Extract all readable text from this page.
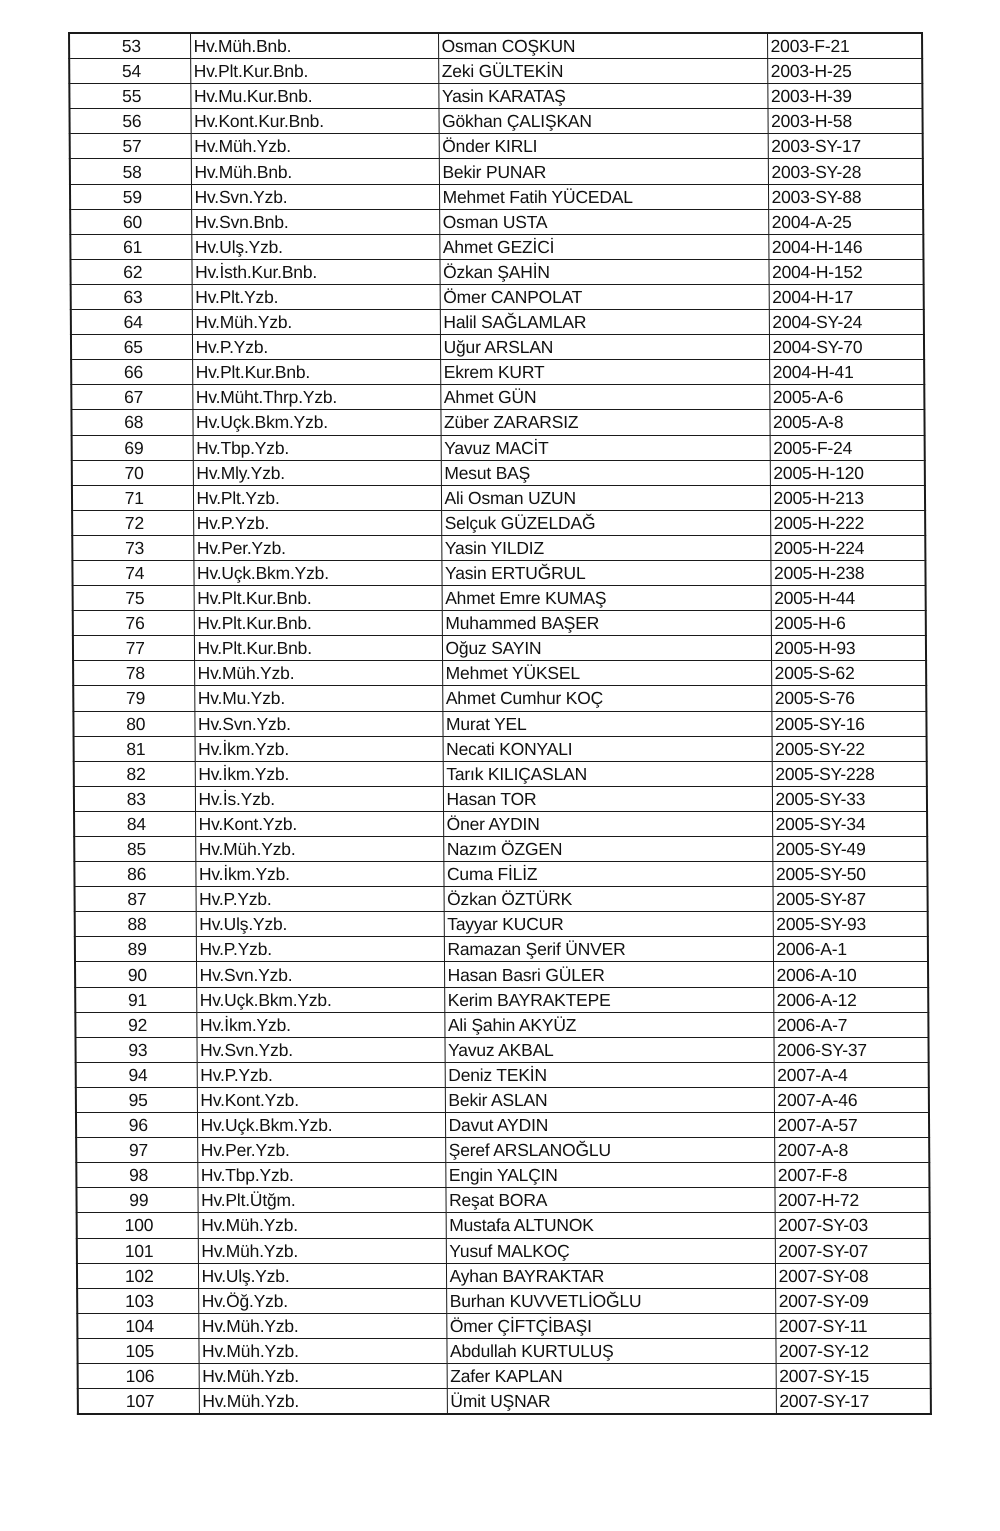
53	Hv.Müh.Bnb.	Osman COŞKUN	2003-F-21
54	Hv.Plt.Kur.Bnb.	Zeki GÜLTEKİN	2003-H-25
55	Hv.Mu.Kur.Bnb.	Yasin KARATAŞ	2003-H-39
56	Hv.Kont.Kur.Bnb.	Gökhan ÇALIŞKAN	2003-H-58
57	Hv.Müh.Yzb.	Önder KIRLI	2003-SY-17
58	Hv.Müh.Bnb.	Bekir PUNAR	2003-SY-28
59	Hv.Svn.Yzb.	Mehmet Fatih YÜCEDAL	2003-SY-88
60	Hv.Svn.Bnb.	Osman USTA	2004-A-25
61	Hv.Ulş.Yzb.	Ahmet GEZİCİ	2004-H-146
62	Hv.İsth.Kur.Bnb.	Özkan ŞAHİN	2004-H-152
63	Hv.Plt.Yzb.	Ömer CANPOLAT	2004-H-17
64	Hv.Müh.Yzb.	Halil SAĞLAMLAR	2004-SY-24
65	Hv.P.Yzb.	Uğur ARSLAN	2004-SY-70
66	Hv.Plt.Kur.Bnb.	Ekrem KURT	2004-H-41
67	Hv.Müht.Thrp.Yzb.	Ahmet GÜN	2005-A-6
68	Hv.Uçk.Bkm.Yzb.	Züber ZARARSIZ	2005-A-8
69	Hv.Tbp.Yzb.	Yavuz MACİT	2005-F-24
70	Hv.Mly.Yzb.	Mesut BAŞ	2005-H-120
71	Hv.Plt.Yzb.	Ali Osman UZUN	2005-H-213
72	Hv.P.Yzb.	Selçuk GÜZELDAĞ	2005-H-222
73	Hv.Per.Yzb.	Yasin YILDIZ	2005-H-224
74	Hv.Uçk.Bkm.Yzb.	Yasin ERTUĞRUL	2005-H-238
75	Hv.Plt.Kur.Bnb.	Ahmet Emre KUMAŞ	2005-H-44
76	Hv.Plt.Kur.Bnb.	Muhammed BAŞER	2005-H-6
77	Hv.Plt.Kur.Bnb.	Oğuz SAYIN	2005-H-93
78	Hv.Müh.Yzb.	Mehmet YÜKSEL	2005-S-62
79	Hv.Mu.Yzb.	Ahmet Cumhur KOÇ	2005-S-76
80	Hv.Svn.Yzb.	Murat YEL	2005-SY-16
81	Hv.İkm.Yzb.	Necati KONYALI	2005-SY-22
82	Hv.İkm.Yzb.	Tarık KILIÇASLAN	2005-SY-228
83	Hv.İs.Yzb.	Hasan TOR	2005-SY-33
84	Hv.Kont.Yzb.	Öner AYDIN	2005-SY-34
85	Hv.Müh.Yzb.	Nazım ÖZGEN	2005-SY-49
86	Hv.İkm.Yzb.	Cuma FİLİZ	2005-SY-50
87	Hv.P.Yzb.	Özkan ÖZTÜRK	2005-SY-87
88	Hv.Ulş.Yzb.	Tayyar KUCUR	2005-SY-93
89	Hv.P.Yzb.	Ramazan Şerif ÜNVER	2006-A-1
90	Hv.Svn.Yzb.	Hasan Basri GÜLER	2006-A-10
91	Hv.Uçk.Bkm.Yzb.	Kerim BAYRAKTEPE	2006-A-12
92	Hv.İkm.Yzb.	Ali Şahin AKYÜZ	2006-A-7
93	Hv.Svn.Yzb.	Yavuz AKBAL	2006-SY-37
94	Hv.P.Yzb.	Deniz TEKİN	2007-A-4
95	Hv.Kont.Yzb.	Bekir ASLAN	2007-A-46
96	Hv.Uçk.Bkm.Yzb.	Davut AYDIN	2007-A-57
97	Hv.Per.Yzb.	Şeref ARSLANOĞLU	2007-A-8
98	Hv.Tbp.Yzb.	Engin YALÇIN	2007-F-8
99	Hv.Plt.Ütğm.	Reşat BORA	2007-H-72
100	Hv.Müh.Yzb.	Mustafa ALTUNOK	2007-SY-03
101	Hv.Müh.Yzb.	Yusuf MALKOÇ	2007-SY-07
102	Hv.Ulş.Yzb.	Ayhan BAYRAKTAR	2007-SY-08
103	Hv.Öğ.Yzb.	Burhan KUVVETLİOĞLU	2007-SY-09
104	Hv.Müh.Yzb.	Ömer ÇİFTÇİBAŞI	2007-SY-11
105	Hv.Müh.Yzb.	Abdullah KURTULUŞ	2007-SY-12
106	Hv.Müh.Yzb.	Zafer KAPLAN	2007-SY-15
107	Hv.Müh.Yzb.	Ümit UŞNAR	2007-SY-17
